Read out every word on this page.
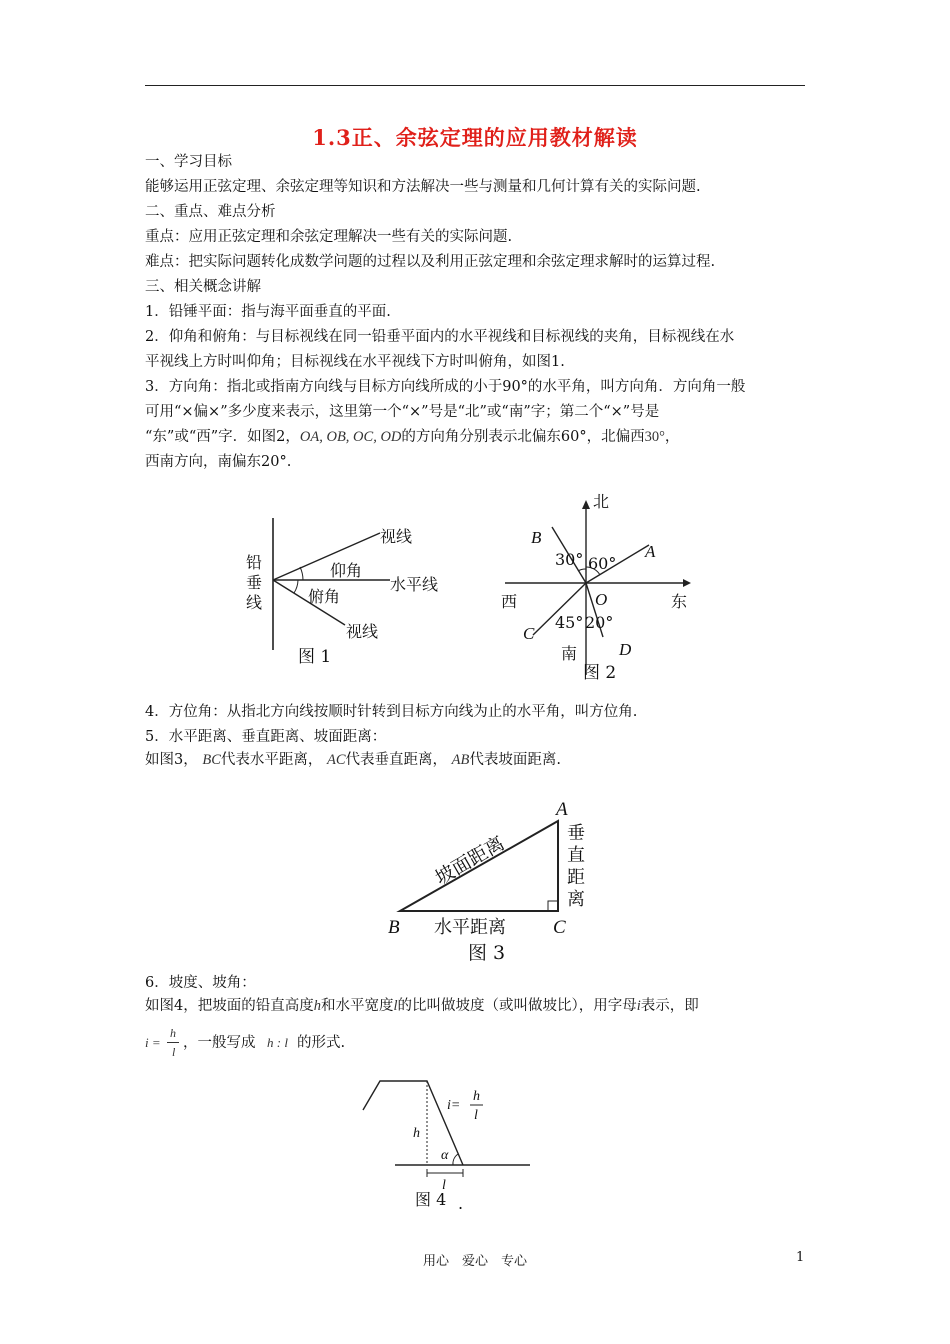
1.3正、余弦定理的应用教材解读
一、学习目标
能够运用正弦定理、余弦定理等知识和方法解决一些与测量和几何计算有关的实际问题.
二、重点、难点分析
重点：应用正弦定理和余弦定理解决一些有关的实际问题.
难点：把实际问题转化成数学问题的过程以及利用正弦定理和余弦定理求解时的运算过程.
三、相关概念讲解
1．铅锤平面：指与海平面垂直的平面.
2．仰角和俯角：与目标视线在同一铅垂平面内的水平视线和目标视线的夹角，目标视线在水
平视线上方时叫仰角；目标视线在水平视线下方时叫俯角，如图1.
3．方向角：指北或指南方向线与目标方向线所成的小于90°的水平角，叫方向角．方向角一般
可用“×偏×”多少度来表示，这里第一个“×”号是“北”或“南”字；第二个“×”号是
“东”或“西”字．如图2，OA, OB, OC, OD的方向角分别表示北偏东60°，北偏西30°，
西南方向，南偏东20°.
铅
垂
线
视线
仰角
水平线
俯角
视线
图 1
北
西	东
南
B
A
C
D
O
30° 60°
45° 20°
图 2
4．方位角：从指北方向线按顺时针转到目标方向线为止的水平角，叫方位角.
5．水平距离、垂直距离、坡面距离：
如图3， BC代表水平距离， AC代表垂直距离， AB代表坡面距离.
A
B	C
坡面距离
水平距离
垂
直
距
离
图 3
6．坡度、坡角：
如图4，把坡面的铅直高度h和水平宽度l的比叫做坡度（或叫做坡比），用字母i表示，即
i =
h
l
，一般写成 h : l 的形式.
i=
h
l
h
l
α
图 4 .
用心　爱心　专心	1
